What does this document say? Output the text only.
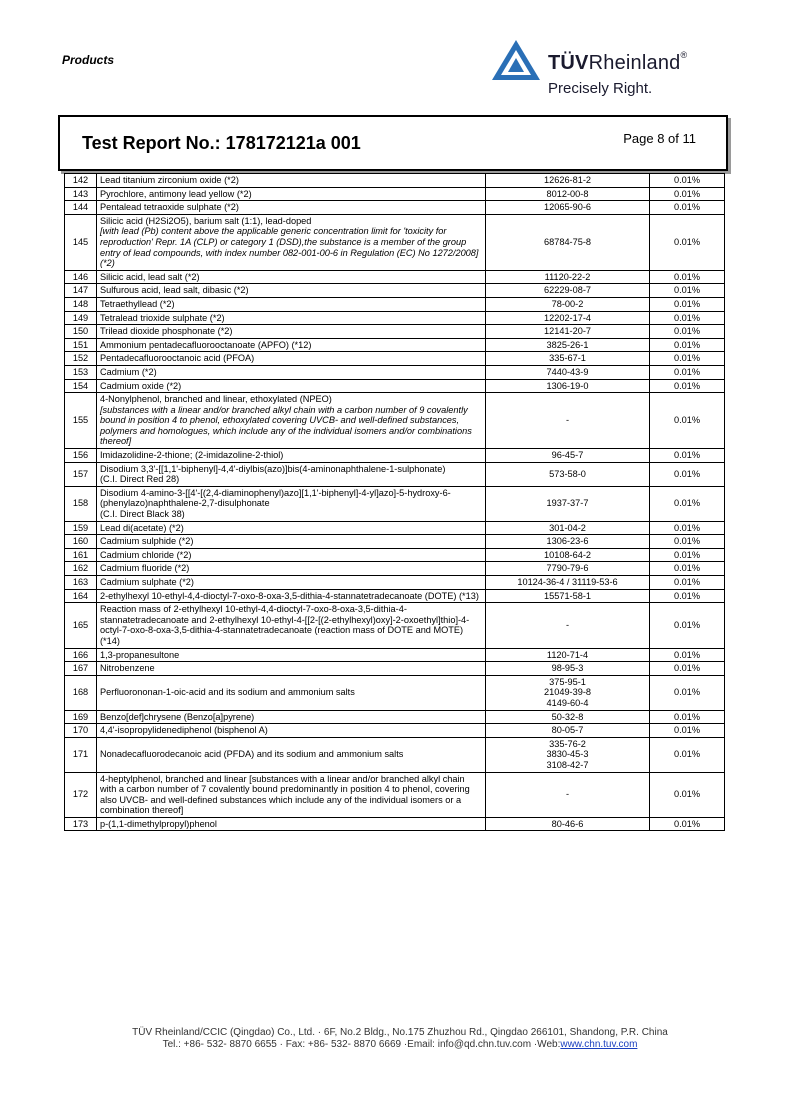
Products	TÜVRheinland®
Precisely Right.
Test Report No.: 178172121a 001	Page 8 of 11
142	Lead titanium zirconium oxide (*2)	12626-81-2	0.01%
143	Pyrochlore, antimony lead yellow (*2)	8012-00-8	0.01%
144	Pentalead tetraoxide sulphate (*2)	12065-90-6	0.01%
145	Silicic acid (H2Si2O5), barium salt (1:1), lead-doped
[with lead (Pb) content above the applicable generic concentration limit for 'toxicity for reproduction' Repr. 1A (CLP) or category 1 (DSD),the substance is a member of the group entry of lead compounds, with index number 082-001-00-6 in Regulation (EC) No 1272/2008] (*2)	68784-75-8	0.01%
146	Silicic acid, lead salt (*2)	11120-22-2	0.01%
147	Sulfurous acid, lead salt, dibasic (*2)	62229-08-7	0.01%
148	Tetraethyllead (*2)	78-00-2	0.01%
149	Tetralead trioxide sulphate (*2)	12202-17-4	0.01%
150	Trilead dioxide phosphonate (*2)	12141-20-7	0.01%
151	Ammonium pentadecafluorooctanoate (APFO) (*12)	3825-26-1	0.01%
152	Pentadecafluorooctanoic acid (PFOA)	335-67-1	0.01%
153	Cadmium (*2)	7440-43-9	0.01%
154	Cadmium oxide (*2)	1306-19-0	0.01%
155	4-Nonylphenol, branched and linear, ethoxylated (NPEO)
[substances with a linear and/or branched alkyl chain with a carbon number of 9 covalently bound in position 4 to phenol, ethoxylated covering UVCB- and well-defined substances, polymers and homologues, which include any of the individual isomers and/or combinations thereof]	-	0.01%
156	Imidazolidine-2-thione; (2-imidazoline-2-thiol)	96-45-7	0.01%
157	Disodium 3,3'-[[1,1'-biphenyl]-4,4'-diylbis(azo)]bis(4-aminonaphthalene-1-sulphonate)
(C.I. Direct Red 28)	573-58-0	0.01%
158	Disodium 4-amino-3-[[4'-[(2,4-diaminophenyl)azo][1,1'-biphenyl]-4-yl]azo]-5-hydroxy-6-(phenylazo)naphthalene-2,7-disulphonate
(C.I. Direct Black 38)	1937-37-7	0.01%
159	Lead di(acetate) (*2)	301-04-2	0.01%
160	Cadmium sulphide (*2)	1306-23-6	0.01%
161	Cadmium chloride (*2)	10108-64-2	0.01%
162	Cadmium fluoride (*2)	7790-79-6	0.01%
163	Cadmium sulphate (*2)	10124-36-4 / 31119-53-6	0.01%
164	2-ethylhexyl 10-ethyl-4,4-dioctyl-7-oxo-8-oxa-3,5-dithia-4-stannatetradecanoate (DOTE) (*13)	15571-58-1	0.01%
165	Reaction mass of 2-ethylhexyl 10-ethyl-4,4-dioctyl-7-oxo-8-oxa-3,5-dithia-4-stannatetradecanoate and 2-ethylhexyl 10-ethyl-4-[[2-[(2-ethylhexyl)oxy]-2-oxoethyl]thio]-4-octyl-7-oxo-8-oxa-3,5-dithia-4-stannatetradecanoate (reaction mass of DOTE and MOTE) (*14)	-	0.01%
166	1,3-propanesultone	1120-71-4	0.01%
167	Nitrobenzene	98-95-3	0.01%
168	Perfluorononan-1-oic-acid and its sodium and ammonium salts	375-95-1
21049-39-8
4149-60-4	0.01%
169	Benzo[def]chrysene (Benzo[a]pyrene)	50-32-8	0.01%
170	4,4'-isopropylidenediphenol (bisphenol A)	80-05-7	0.01%
171	Nonadecafluorodecanoic acid (PFDA) and its sodium and ammonium salts	335-76-2
3830-45-3
3108-42-7	0.01%
172	4-heptylphenol, branched and linear [substances with a linear and/or branched alkyl chain with a carbon number of 7 covalently bound predominantly in position 4 to phenol, covering also UVCB- and well-defined substances which include any of the individual isomers or a combination thereof]	-	0.01%
173	p-(1,1-dimethylpropyl)phenol	80-46-6	0.01%
TÜV Rheinland/CCIC (Qingdao) Co., Ltd. · 6F, No.2 Bldg., No.175 Zhuzhou Rd., Qingdao 266101, Shandong, P.R. China
Tel.: +86- 532- 8870 6655 · Fax: +86- 532- 8870 6669 ·Email: info@qd.chn.tuv.com ·Web:www.chn.tuv.com
